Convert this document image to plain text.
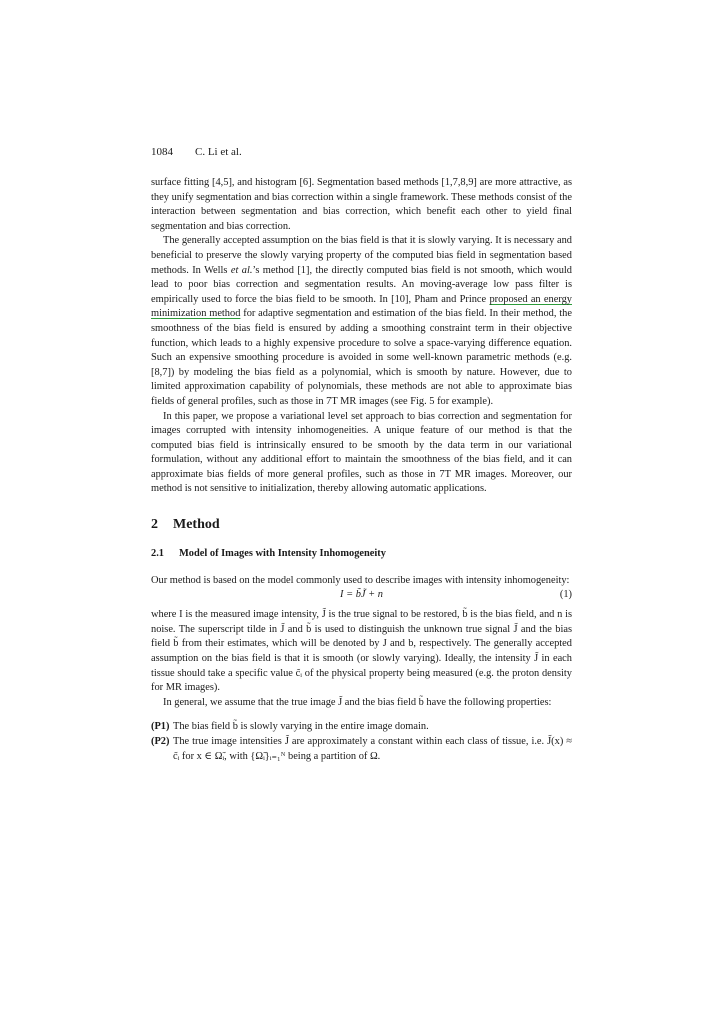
1084 C. Li et al.

surface fitting [4,5], and histogram [6]. Segmentation based methods [1,7,8,9] are more attractive, as they unify segmentation and bias correction within a single framework. These methods consist of the interaction between segmentation and bias correction, which benefit each other to yield final segmentation and bias correction.

The generally accepted assumption on the bias field is that it is slowly varying. It is necessary and beneficial to preserve the slowly varying property of the computed bias field in segmentation based methods. In Wells et al.’s method [1], the directly computed bias field is not smooth, which would lead to poor bias correction and segmentation results. An moving-average low pass filter is empirically used to force the bias field to be smooth. In [10], Pham and Prince proposed an energy minimization method for adaptive segmentation and estimation of the bias field. In their method, the smoothness of the bias field is ensured by adding a smoothing constraint term in their objective function, which leads to a highly expensive procedure to solve a space-varying difference equation. Such an expensive smoothing procedure is avoided in some well-known parametric methods (e.g. [8,7]) by modeling the bias field as a polynomial, which is smooth by nature. However, due to limited approximation capability of polynomials, these methods are not able to approximate bias fields of general profiles, such as those in 7T MR images (see Fig. 5 for example).

In this paper, we propose a variational level set approach to bias correction and segmentation for images corrupted with intensity inhomogeneities. A unique feature of our method is that the computed bias field is intrinsically ensured to be smooth by the data term in our variational formulation, without any additional effort to maintain the smoothness of the bias field, and it can approximate bias fields of more general profiles, such as those in 7T MR images. Moreover, our method is not sensitive to initialization, thereby allowing automatic applications.

2 Method
2.1 Model of Images with Intensity Inhomogeneity

Our method is based on the model commonly used to describe images with intensity inhomogeneity:

I = b̃J̃ + n	(1)

where I is the measured image intensity, J̃ is the true signal to be restored, b̃ is the bias field, and n is noise. The superscript tilde in J̃ and b̃ is used to distinguish the unknown true signal J̃ and the bias field b̃ from their estimates, which will be denoted by J and b, respectively. The generally accepted assumption on the bias field is that it is smooth (or slowly varying). Ideally, the intensity J̃ in each tissue should take a specific value c̃ᵢ of the physical property being measured (e.g. the proton density for MR images).

In general, we assume that the true image J̃ and the bias field b̃ have the following properties:

(P1) The bias field b̃ is slowly varying in the entire image domain.
(P2) The true image intensities J̃ are approximately a constant within each class of tissue, i.e. J̃(x) ≈ c̃ᵢ for x ∈ Ω̃ᵢ, with {Ω̃ᵢ}ᵢ₌₁ᴺ being a partition of Ω.
